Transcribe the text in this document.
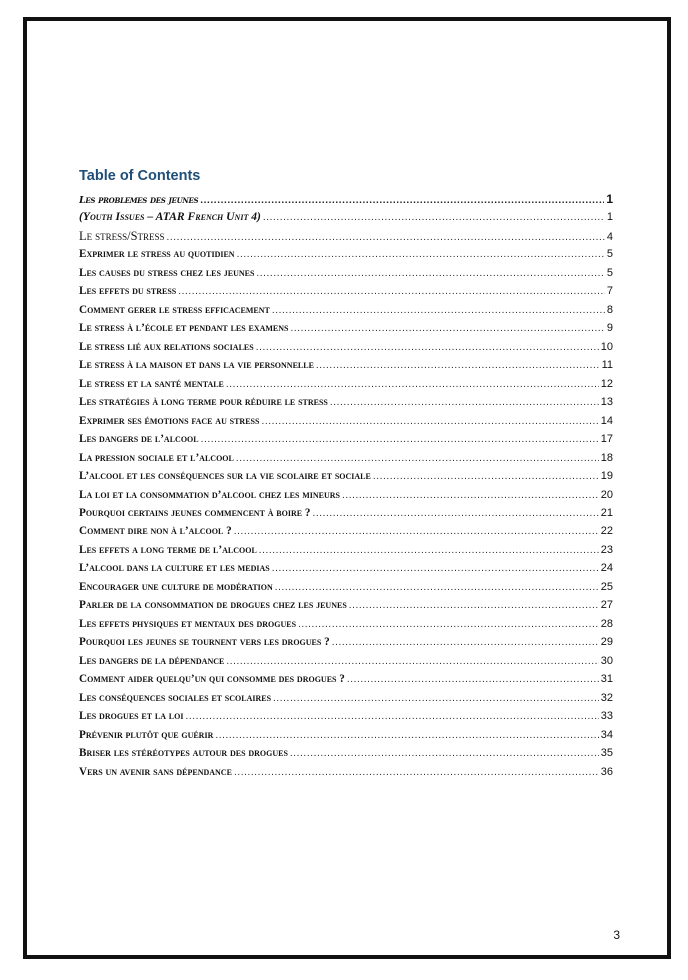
Table of Contents
Les problemes des jeunes .....	1
(Youth Issues – ATAR French Unit 4) .....	1
Le stress/Stress .....	4
Exprimer le stress au quotidien .....	5
Les causes du stress chez les jeunes .....	5
Les effets du stress .....	7
Comment gerer le stress efficacement .....	8
Le stress à l’école et pendant les examens .....	9
Le stress lié aux relations sociales .....	10
Le stress à la maison et dans la vie personnelle .....	11
Le stress et la santé mentale .....	12
Les stratégies à long terme pour réduire le stress .....	13
Exprimer ses émotions face au stress .....	14
Les dangers de l’alcool .....	17
La pression sociale et l’alcool .....	18
L’alcool et les conséquences sur la vie scolaire et sociale .....	19
La loi et la consommation d’alcool chez les mineurs .....	20
Pourquoi certains jeunes commencent à boire ? .....	21
Comment dire non à l’alcool ? .....	22
Les effets a long terme de l’alcool .....	23
L’alcool dans la culture et les medias .....	24
Encourager une culture de modération .....	25
Parler de la consommation de drogues chez les jeunes .....	27
Les effets physiques et mentaux des drogues .....	28
Pourquoi les jeunes se tournent vers les drogues ? .....	29
Les dangers de la dépendance .....	30
Comment aider quelqu’un qui consomme des drogues ? .....	31
Les conséquences sociales et scolaires .....	32
Les drogues et la loi .....	33
Prévenir plutôt que guérir .....	34
Briser les stéréotypes autour des drogues .....	35
Vers un avenir sans dépendance .....	36
3
